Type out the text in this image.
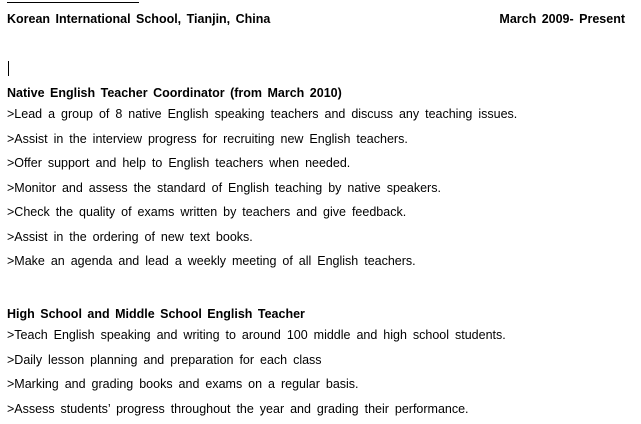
Korean International School, Tianjin, China	March 2009- Present
Native English Teacher Coordinator (from March 2010)
>Lead a group of 8 native English speaking teachers and discuss any teaching issues.
>Assist in the interview progress for recruiting new English teachers.
>Offer support and help to English teachers when needed.
>Monitor and assess the standard of English teaching by native speakers.
>Check the quality of exams written by teachers and give feedback.
>Assist in the ordering of new text books.
>Make an agenda and lead a weekly meeting of all English teachers.
High School and Middle School English Teacher
>Teach English speaking and writing to around 100 middle and high school students.
>Daily lesson planning and preparation for each class
>Marking and grading books and exams on a regular basis.
>Assess students’ progress throughout the year and grading their performance.
